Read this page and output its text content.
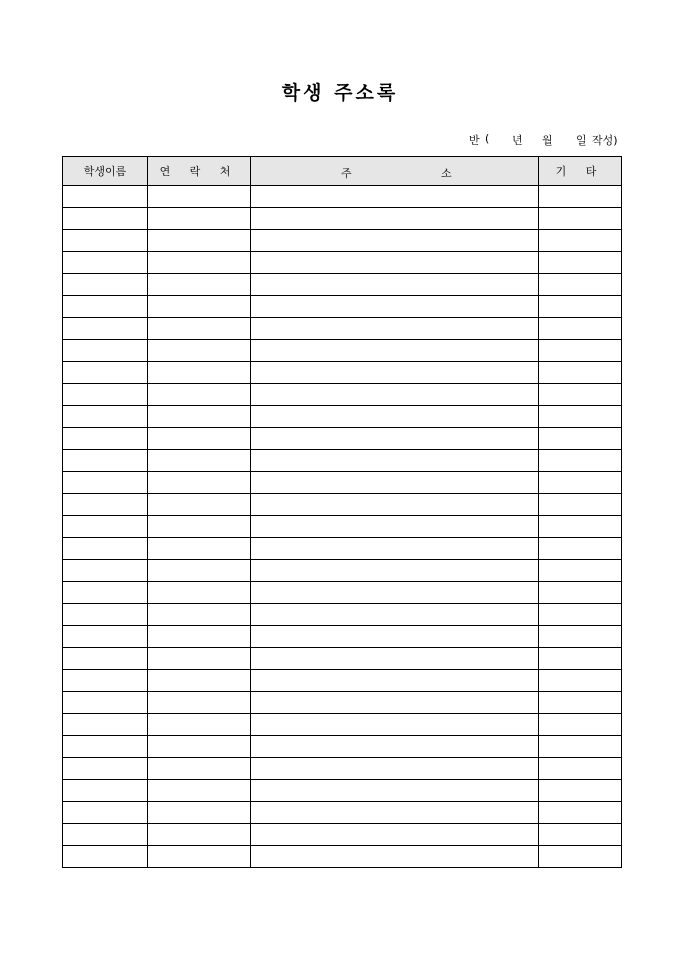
학생 주소록
반 ( 년 월 일 작성)
학생이름	연 락 처	주 소	기 타
